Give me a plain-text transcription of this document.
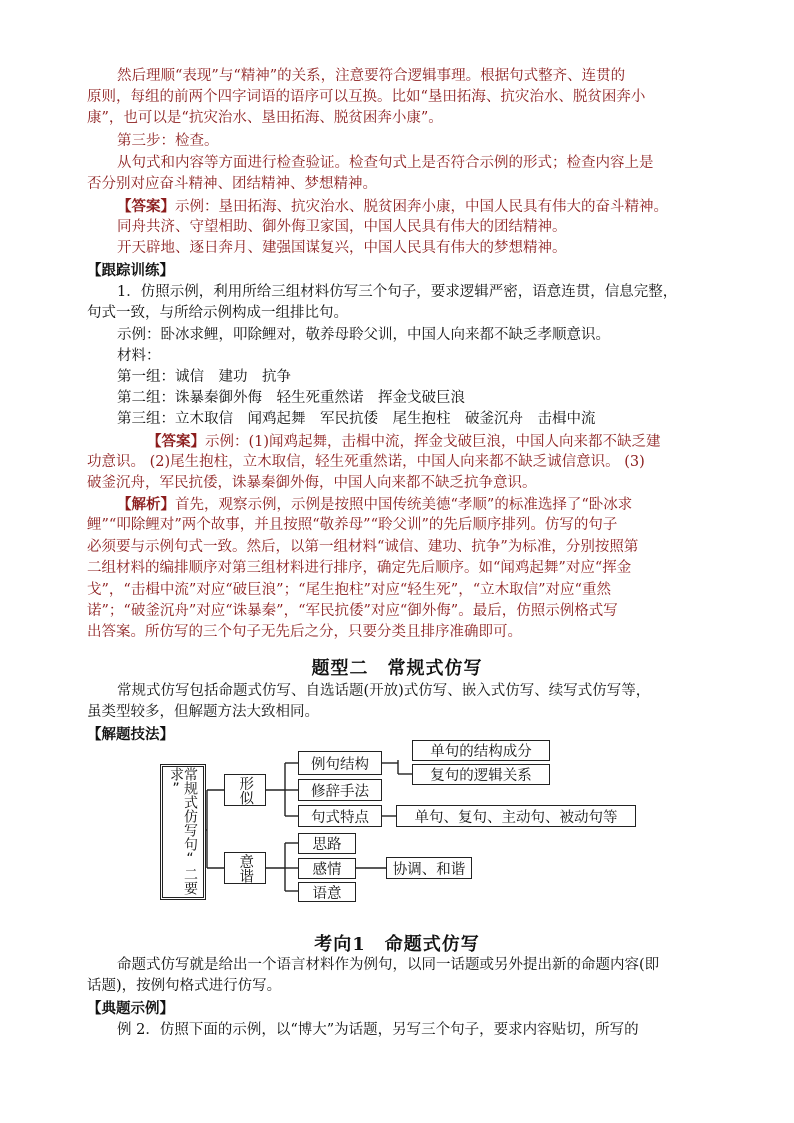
然后理顺“表现”与“精神”的关系，注意要符合逻辑事理。根据句式整齐、连贯的
原则，每组的前两个四字词语的语序可以互换。比如“垦田拓海、抗灾治水、脱贫困奔小
康”，也可以是“抗灾治水、垦田拓海、脱贫困奔小康”。
第三步：检查。
从句式和内容等方面进行检查验证。检查句式上是否符合示例的形式；检查内容上是
否分别对应奋斗精神、团结精神、梦想精神。
【答案】示例：垦田拓海、抗灾治水、脱贫困奔小康，中国人民具有伟大的奋斗精神。
同舟共济、守望相助、御外侮卫家国，中国人民具有伟大的团结精神。
开天辟地、逐日奔月、建强国谋复兴，中国人民具有伟大的梦想精神。
【跟踪训练】
1．仿照示例，利用所给三组材料仿写三个句子，要求逻辑严密，语意连贯，信息完整，
句式一致，与所给示例构成一组排比句。
示例：卧冰求鲤，叩除鲤对，敬养母聆父训，中国人向来都不缺乏孝顺意识。
材料：
第一组：诚信　建功　抗争
第二组：诛暴秦御外侮　轻生死重然诺　挥金戈破巨浪
第三组：立木取信　闻鸡起舞　军民抗倭　尾生抱柱　破釜沉舟　击楫中流
【答案】示例：(1)闻鸡起舞，击楫中流，挥金戈破巨浪，中国人向来都不缺乏建
功意识。 (2)尾生抱柱，立木取信，轻生死重然诺，中国人向来都不缺乏诚信意识。 (3)
破釜沉舟，军民抗倭，诛暴秦御外侮，中国人向来都不缺乏抗争意识。
【解析】首先，观察示例，示例是按照中国传统美德“孝顺”的标准选择了“卧冰求
鲤”“叩除鲤对”两个故事，并且按照“敬养母”“聆父训”的先后顺序排列。仿写的句子
必须要与示例句式一致。然后，以第一组材料“诚信、建功、抗争”为标准，分别按照第
二组材料的编排顺序对第三组材料进行排序，确定先后顺序。如“闻鸡起舞”对应“挥金
戈”，“击楫中流”对应“破巨浪”；“尾生抱柱”对应“轻生死”，“立木取信”对应“重然
诺”；“破釜沉舟”对应“诛暴秦”，“军民抗倭”对应“御外侮”。最后，仿照示例格式写
出答案。所仿写的三个句子无先后之分，只要分类且排序准确即可。
题型二　常规式仿写
常规式仿写包括命题式仿写、自选话题(开放)式仿写、嵌入式仿写、续写式仿写等，
虽类型较多，但解题方法大致相同。
【解题技法】
常规式仿写句“二要求”	形似
意谐
例句结构
修辞手法
句式特点
单句的结构成分
复句的逻辑关系
单句、复句、主动句、被动句等
思路
感情
语意
协调、和谐
考向1　命题式仿写
命题式仿写就是给出一个语言材料作为例句，以同一话题或另外提出新的命题内容(即
话题)，按例句格式进行仿写。
【典题示例】
例 2．仿照下面的示例，以“博大”为话题，另写三个句子，要求内容贴切，所写的
